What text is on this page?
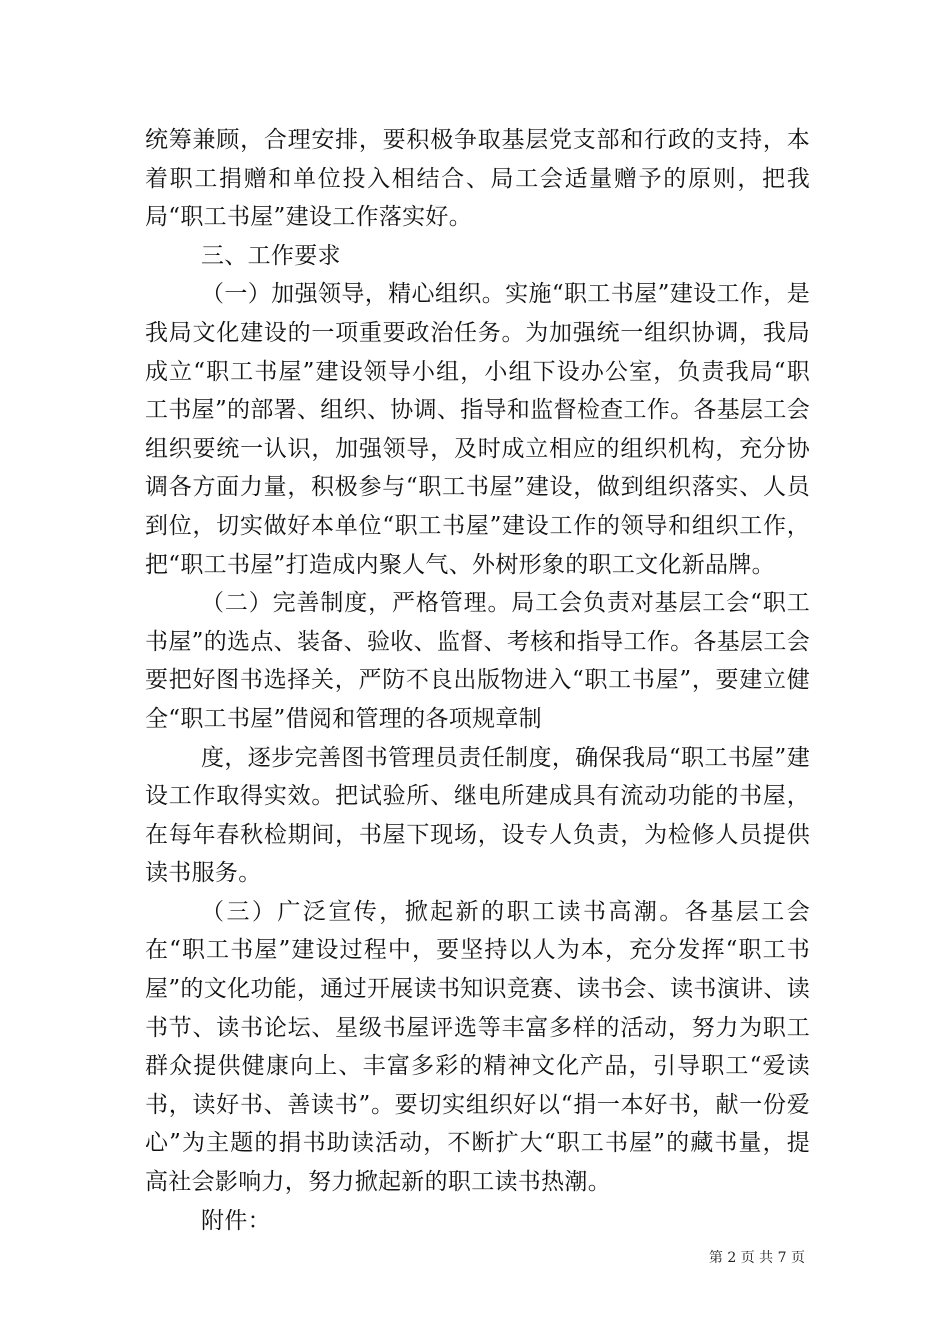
统筹兼顾，合理安排，要积极争取基层党支部和行政的支持，本着职工捐赠和单位投入相结合、局工会适量赠予的原则，把我局“职工书屋”建设工作落实好。

三、工作要求

（一）加强领导，精心组织。实施“职工书屋”建设工作，是我局文化建设的一项重要政治任务。为加强统一组织协调，我局成立“职工书屋”建设领导小组，小组下设办公室，负责我局“职工书屋”的部署、组织、协调、指导和监督检查工作。各基层工会组织要统一认识，加强领导，及时成立相应的组织机构，充分协调各方面力量，积极参与“职工书屋”建设，做到组织落实、人员到位，切实做好本单位“职工书屋”建设工作的领导和组织工作，把“职工书屋”打造成内聚人气、外树形象的职工文化新品牌。

（二）完善制度，严格管理。局工会负责对基层工会“职工书屋”的选点、装备、验收、监督、考核和指导工作。各基层工会要把好图书选择关，严防不良出版物进入“职工书屋”，要建立健全“职工书屋”借阅和管理的各项规章制

度，逐步完善图书管理员责任制度，确保我局“职工书屋”建设工作取得实效。把试验所、继电所建成具有流动功能的书屋，在每年春秋检期间，书屋下现场，设专人负责，为检修人员提供读书服务。

（三）广泛宣传，掀起新的职工读书高潮。各基层工会在“职工书屋”建设过程中，要坚持以人为本，充分发挥“职工书屋”的文化功能，通过开展读书知识竞赛、读书会、读书演讲、读书节、读书论坛、星级书屋评选等丰富多样的活动，努力为职工群众提供健康向上、丰富多彩的精神文化产品，引导职工“爱读书，读好书、善读书”。要切实组织好以“捐一本好书，献一份爱心”为主题的捐书助读活动，不断扩大“职工书屋”的藏书量，提高社会影响力，努力掀起新的职工读书热潮。

附件：

第 2 页 共 7 页
